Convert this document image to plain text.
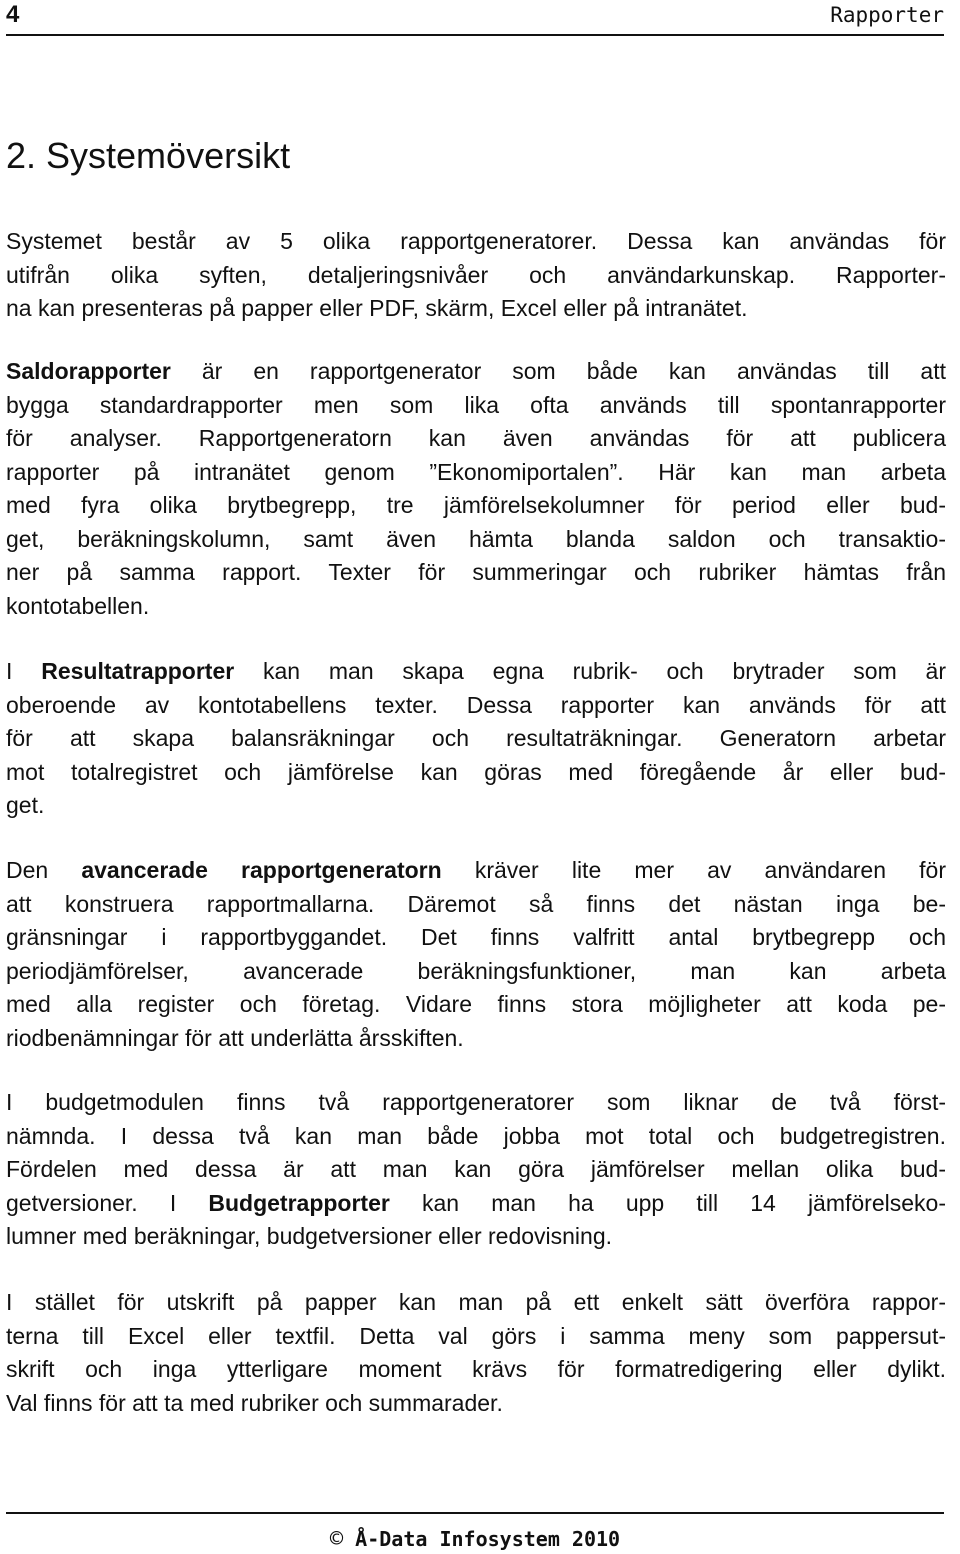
4	Rapporter
2. Systemöversikt
Systemet består av 5 olika rapportgeneratorer. Dessa kan användas för
utifrån olika syften, detaljeringsnivåer och användarkunskap. Rapporter-
na kan presenteras på papper eller PDF, skärm, Excel eller på intranätet.
Saldorapporter är en rapportgenerator som både kan användas till att
bygga standardrapporter men som lika ofta används till spontanrapporter
för analyser. Rapportgeneratorn kan även användas för att publicera
rapporter på intranätet genom ”Ekonomiportalen”. Här kan man arbeta
med fyra olika brytbegrepp, tre jämförelsekolumner för period eller bud-
get, beräkningskolumn, samt även hämta blanda saldon och transaktio-
ner på samma rapport. Texter för summeringar och rubriker hämtas från
kontotabellen.
I Resultatrapporter kan man skapa egna rubrik- och brytrader som är
oberoende av kontotabellens texter. Dessa rapporter kan används för att
för att skapa balansräkningar och resultaträkningar. Generatorn arbetar
mot totalregistret och jämförelse kan göras med föregående år eller bud-
get.
Den avancerade rapportgeneratorn kräver lite mer av användaren för
att konstruera rapportmallarna. Däremot så finns det nästan inga be-
gränsningar i rapportbyggandet. Det finns valfritt antal brytbegrepp och
periodjämförelser, avancerade beräkningsfunktioner, man kan arbeta
med alla register och företag. Vidare finns stora möjligheter att koda pe-
riodbenämningar för att underlätta årsskiften.
I budgetmodulen finns två rapportgeneratorer som liknar de två först-
nämnda. I dessa två kan man både jobba mot total och budgetregistren.
Fördelen med dessa är att man kan göra jämförelser mellan olika bud-
getversioner. I Budgetrapporter kan man ha upp till 14 jämförelseko-
lumner med beräkningar, budgetversioner eller redovisning.
I stället för utskrift på papper kan man på ett enkelt sätt överföra rappor-
terna till Excel eller textfil. Detta val görs i samma meny som pappersut-
skrift och inga ytterligare moment krävs för formatredigering eller dylikt.
Val finns för att ta med rubriker och summarader.
© Å-Data Infosystem 2010
